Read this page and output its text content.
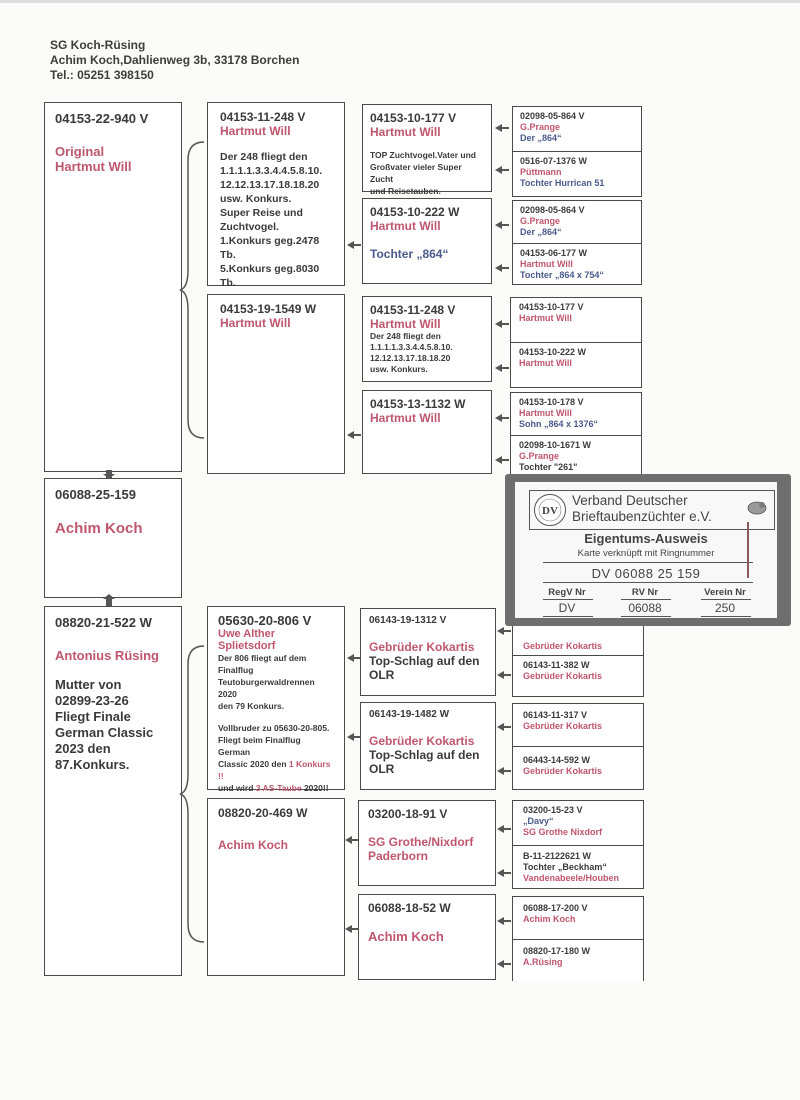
SG Koch-Rüsing
Achim Koch,Dahlienweg 3b, 33178 Borchen
Tel.: 05251 398150

04153-22-940 V

Original

Hartmut Will

06088-25-159

Achim Koch

08820-21-522 W

Antonius Rüsing

Mutter von

02899-23-26

Fliegt Finale

German Classic

2023 den

87.Konkurs.

04153-11-248 V

Hartmut Will

Der 248 fliegt den

1.1.1.1.3.3.4.4.5.8.10.

12.12.13.17.18.18.20

usw. Konkurs.

Super Reise und

Zuchtvogel.

1.Konkurs geg.2478 Tb.

5.Konkurs geg.8030 Tb.

04153-19-1549 W

Hartmut Will

05630-20-806 V

Uwe Alther

Splietsdorf

Der 806 fliegt auf dem

Finalflug

Teutoburgerwaldrennen 2020

den 79 Konkurs.

Vollbruder zu 05630-20-805.

Fliegt beim Finalflug German

Classic 2020 den 1 Konkurs !!

und wird 3 AS-Taube 2020!!

08820-20-469 W

Achim Koch

04153-10-177 V

Hartmut Will

TOP Zuchtvogel.Vater und

Großvater vieler Super Zucht

und Reisetauben.

04153-10-222 W

Hartmut Will

Tochter „864“

04153-11-248 V

Hartmut Will

Der 248 fliegt den

1.1.1.1.3.3.4.4.5.8.10.

12.12.13.17.18.18.20

usw. Konkurs.

04153-13-1132 W

Hartmut Will

06143-19-1312 V

Gebrüder Kokartis

Top-Schlag auf den

OLR

06143-19-1482 W

Gebrüder Kokartis

Top-Schlag auf den

OLR

03200-18-91 V

SG Grothe/Nixdorf

Paderborn

06088-18-52 W

Achim Koch

02098-05-864 V

G.Prange

Der „864“

0516-07-1376 W

Püttmann

Tochter Hurrican 51

02098-05-864 V

G.Prange

Der „864“

04153-06-177 W

Hartmut Will

Tochter „864 x 754“

04153-10-177 V

Hartmut Will

04153-10-222 W

Hartmut Will

04153-10-178 V

Hartmut Will

Sohn „864 x 1376“

02098-10-1671 W

G.Prange

Tochter "261"

Gebrüder Kokartis

06143-11-382 W

Gebrüder Kokartis

06143-11-317 V

Gebrüder Kokartis

06443-14-592 W

Gebrüder Kokartis

03200-15-23 V

„Davy“

SG Grothe Nixdorf

B-11-2122621 W

Tochter „Beckham“

Vandenabeele/Houben

06088-17-200 V

Achim Koch

08820-17-180 W

A.Rüsing

DV

Verband Deutscher

Brieftaubenzüchter e.V.

Eigentums-Ausweis

Karte verknüpft mit Ringnummer

DV 06088 25 159

RegV Nr	RV Nr	Verein Nr

DV	06088	250
